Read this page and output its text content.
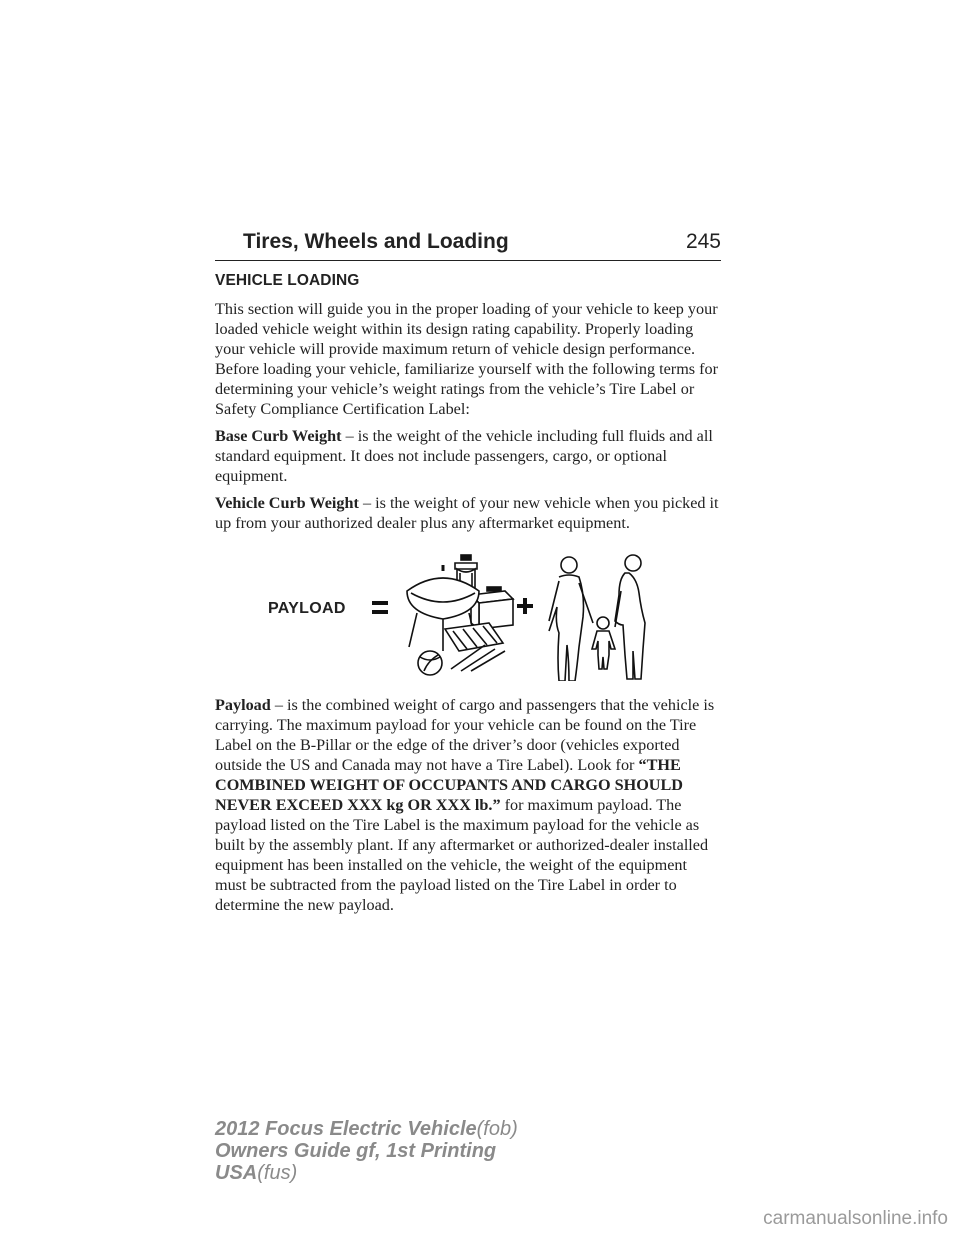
Tires, Wheels and Loading	245
VEHICLE LOADING

This section will guide you in the proper loading of your vehicle to keep your loaded vehicle weight within its design rating capability. Properly loading your vehicle will provide maximum return of vehicle design performance. Before loading your vehicle, familiarize yourself with the following terms for determining your vehicle’s weight ratings from the vehicle’s Tire Label or Safety Compliance Certification Label:

Base Curb Weight – is the weight of the vehicle including full fluids and all standard equipment. It does not include passengers, cargo, or optional equipment.

Vehicle Curb Weight – is the weight of your new vehicle when you picked it up from your authorized dealer plus any aftermarket equipment.

PAYLOAD

Payload – is the combined weight of cargo and passengers that the vehicle is carrying. The maximum payload for your vehicle can be found on the Tire Label on the B-Pillar or the edge of the driver’s door (vehicles exported outside the US and Canada may not have a Tire Label). Look for “THE COMBINED WEIGHT OF OCCUPANTS AND CARGO SHOULD NEVER EXCEED XXX kg OR XXX lb.” for maximum payload. The payload listed on the Tire Label is the maximum payload for the vehicle as built by the assembly plant. If any aftermarket or authorized-dealer installed equipment has been installed on the vehicle, the weight of the equipment must be subtracted from the payload listed on the Tire Label in order to determine the new payload.

2012 Focus Electric Vehicle(fob)
Owners Guide gf, 1st Printing
USA(fus)
carmanualsonline.info
